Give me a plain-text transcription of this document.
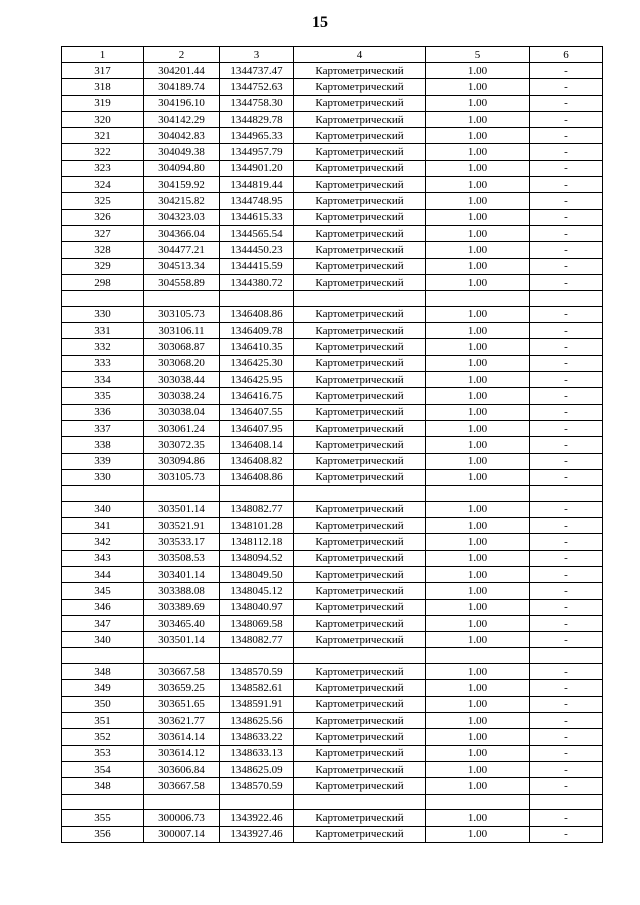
15
1	2	3	4	5	6
317	304201.44	1344737.47	Картометрический	1.00	-
318	304189.74	1344752.63	Картометрический	1.00	-
319	304196.10	1344758.30	Картометрический	1.00	-
320	304142.29	1344829.78	Картометрический	1.00	-
321	304042.83	1344965.33	Картометрический	1.00	-
322	304049.38	1344957.79	Картометрический	1.00	-
323	304094.80	1344901.20	Картометрический	1.00	-
324	304159.92	1344819.44	Картометрический	1.00	-
325	304215.82	1344748.95	Картометрический	1.00	-
326	304323.03	1344615.33	Картометрический	1.00	-
327	304366.04	1344565.54	Картометрический	1.00	-
328	304477.21	1344450.23	Картометрический	1.00	-
329	304513.34	1344415.59	Картометрический	1.00	-
298	304558.89	1344380.72	Картометрический	1.00	-

330	303105.73	1346408.86	Картометрический	1.00	-
331	303106.11	1346409.78	Картометрический	1.00	-
332	303068.87	1346410.35	Картометрический	1.00	-
333	303068.20	1346425.30	Картометрический	1.00	-
334	303038.44	1346425.95	Картометрический	1.00	-
335	303038.24	1346416.75	Картометрический	1.00	-
336	303038.04	1346407.55	Картометрический	1.00	-
337	303061.24	1346407.95	Картометрический	1.00	-
338	303072.35	1346408.14	Картометрический	1.00	-
339	303094.86	1346408.82	Картометрический	1.00	-
330	303105.73	1346408.86	Картометрический	1.00	-

340	303501.14	1348082.77	Картометрический	1.00	-
341	303521.91	1348101.28	Картометрический	1.00	-
342	303533.17	1348112.18	Картометрический	1.00	-
343	303508.53	1348094.52	Картометрический	1.00	-
344	303401.14	1348049.50	Картометрический	1.00	-
345	303388.08	1348045.12	Картометрический	1.00	-
346	303389.69	1348040.97	Картометрический	1.00	-
347	303465.40	1348069.58	Картометрический	1.00	-
340	303501.14	1348082.77	Картометрический	1.00	-

348	303667.58	1348570.59	Картометрический	1.00	-
349	303659.25	1348582.61	Картометрический	1.00	-
350	303651.65	1348591.91	Картометрический	1.00	-
351	303621.77	1348625.56	Картометрический	1.00	-
352	303614.14	1348633.22	Картометрический	1.00	-
353	303614.12	1348633.13	Картометрический	1.00	-
354	303606.84	1348625.09	Картометрический	1.00	-
348	303667.58	1348570.59	Картометрический	1.00	-

355	300006.73	1343922.46	Картометрический	1.00	-
356	300007.14	1343927.46	Картометрический	1.00	-
